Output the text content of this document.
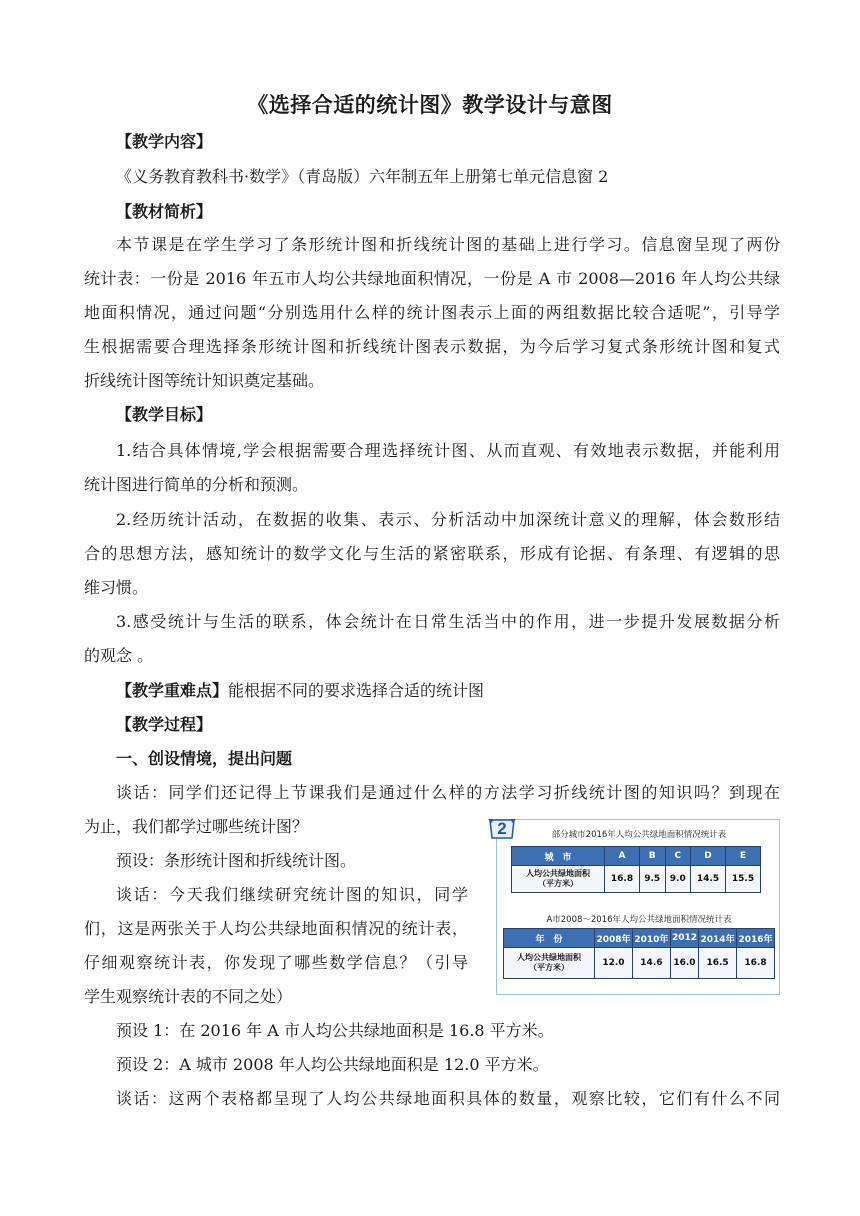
《选择合适的统计图》教学设计与意图
【教学内容】
《义务教育教科书·数学》（青岛版）六年制五年上册第七单元信息窗 2
【教材简析】
本节课是在学生学习了条形统计图和折线统计图的基础上进行学习。信息窗呈现了两份
统计表：一份是 2016 年五市人均公共绿地面积情况，一份是 A 市 2008—2016 年人均公共绿
地面积情况，通过问题“分别选用什么样的统计图表示上面的两组数据比较合适呢”，引导学
生根据需要合理选择条形统计图和折线统计图表示数据，为今后学习复式条形统计图和复式
折线统计图等统计知识奠定基础。
【教学目标】
1.结合具体情境,学会根据需要合理选择统计图、从而直观、有效地表示数据，并能利用
统计图进行简单的分析和预测。
2.经历统计活动，在数据的收集、表示、分析活动中加深统计意义的理解，体会数形结
合的思想方法，感知统计的数学文化与生活的紧密联系，形成有论据、有条理、有逻辑的思
维习惯。
3.感受统计与生活的联系，体会统计在日常生活当中的作用，进一步提升发展数据分析
的观念 。
【教学重难点】能根据不同的要求选择合适的统计图
【教学过程】
一、创设情境，提出问题
谈话：同学们还记得上节课我们是通过什么样的方法学习折线统计图的知识吗？到现在
为止，我们都学过哪些统计图？
预设：条形统计图和折线统计图。
谈话：今天我们继续研究统计图的知识，同学
们，这是两张关于人均公共绿地面积情况的统计表，
仔细观察统计表，你发现了哪些数学信息？（引导
学生观察统计表的不同之处）
预设 1：在 2016 年 A 市人均公共绿地面积是 16.8 平方米。
预设 2：A 城市 2008 年人均公共绿地面积是 12.0 平方米。
谈话：这两个表格都呈现了人均公共绿地面积具体的数量，观察比较，它们有什么不同
2	部分城市2016年人均公共绿地面积情况统计表
城　市	A	B	C	D	E

人均公共绿地面积
（平方米）	16.8	9.5	9.0	14.5	15.5
A市2008～2016年人均公共绿地面积情况统计表
年　份	2008年	2010年	2012	2014年	2016年

人均公共绿地面积
（平方米）	12.0	14.6	16.0	16.5	16.8
